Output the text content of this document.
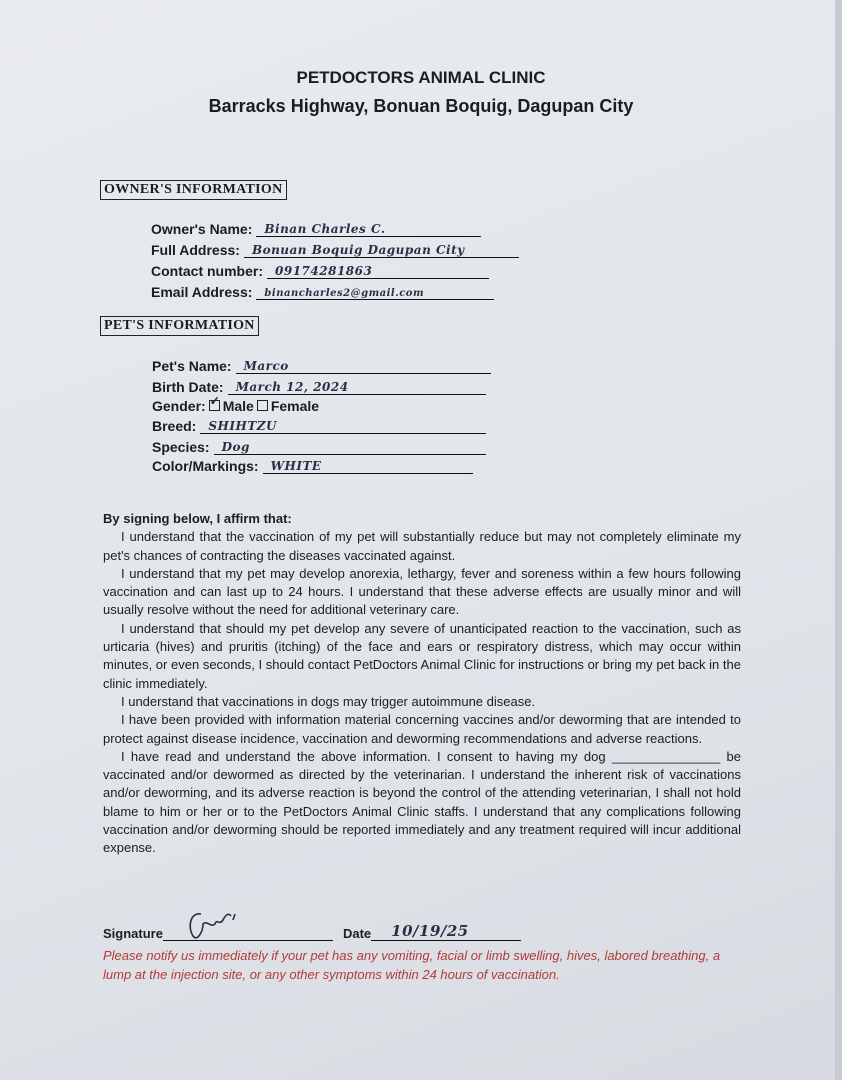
PETDOCTORS ANIMAL CLINIC
Barracks Highway, Bonuan Boquig, Dagupan City
OWNER'S INFORMATION
Owner's Name: Binan Charles C.
Full Address: Bonuan Boquig Dagupan City
Contact number: 09174281863
Email Address: binancharles2@gmail.com
PET'S INFORMATION
Pet's Name: Marco
Birth Date: March 12, 2024
Gender: ✓ Male Female
Breed: SHIHTZU
Species: Dog
Color/Markings: WHITE

By signing below, I affirm that:

I understand that the vaccination of my pet will substantially reduce but may not completely eliminate my pet's chances of contracting the diseases vaccinated against.

I understand that my pet may develop anorexia, lethargy, fever and soreness within a few hours following vaccination and can last up to 24 hours. I understand that these adverse effects are usually minor and will usually resolve without the need for additional veterinary care.

I understand that should my pet develop any severe of unanticipated reaction to the vaccination, such as urticaria (hives) and pruritis (itching) of the face and ears or respiratory distress, which may occur within minutes, or even seconds, I should contact PetDoctors Animal Clinic for instructions or bring my pet back in the clinic immediately.

I understand that vaccinations in dogs may trigger autoimmune disease.

I have been provided with information material concerning vaccines and/or deworming that are intended to protect against disease incidence, vaccination and deworming recommendations and adverse reactions.

I have read and understand the above information. I consent to having my dog _______________ be vaccinated and/or dewormed as directed by the veterinarian. I understand the inherent risk of vaccinations and/or deworming, and its adverse reaction is beyond the control of the attending veterinarian, I shall not hold blame to him or her or to the PetDoctors Animal Clinic staffs. I understand that any complications following vaccination and/or deworming should be reported immediately and any treatment required will incur additional expense.

Signature	Date 10/19/25
Please notify us immediately if your pet has any vomiting, facial or limb swelling, hives, labored breathing, a lump at the injection site, or any other symptoms within 24 hours of vaccination.
